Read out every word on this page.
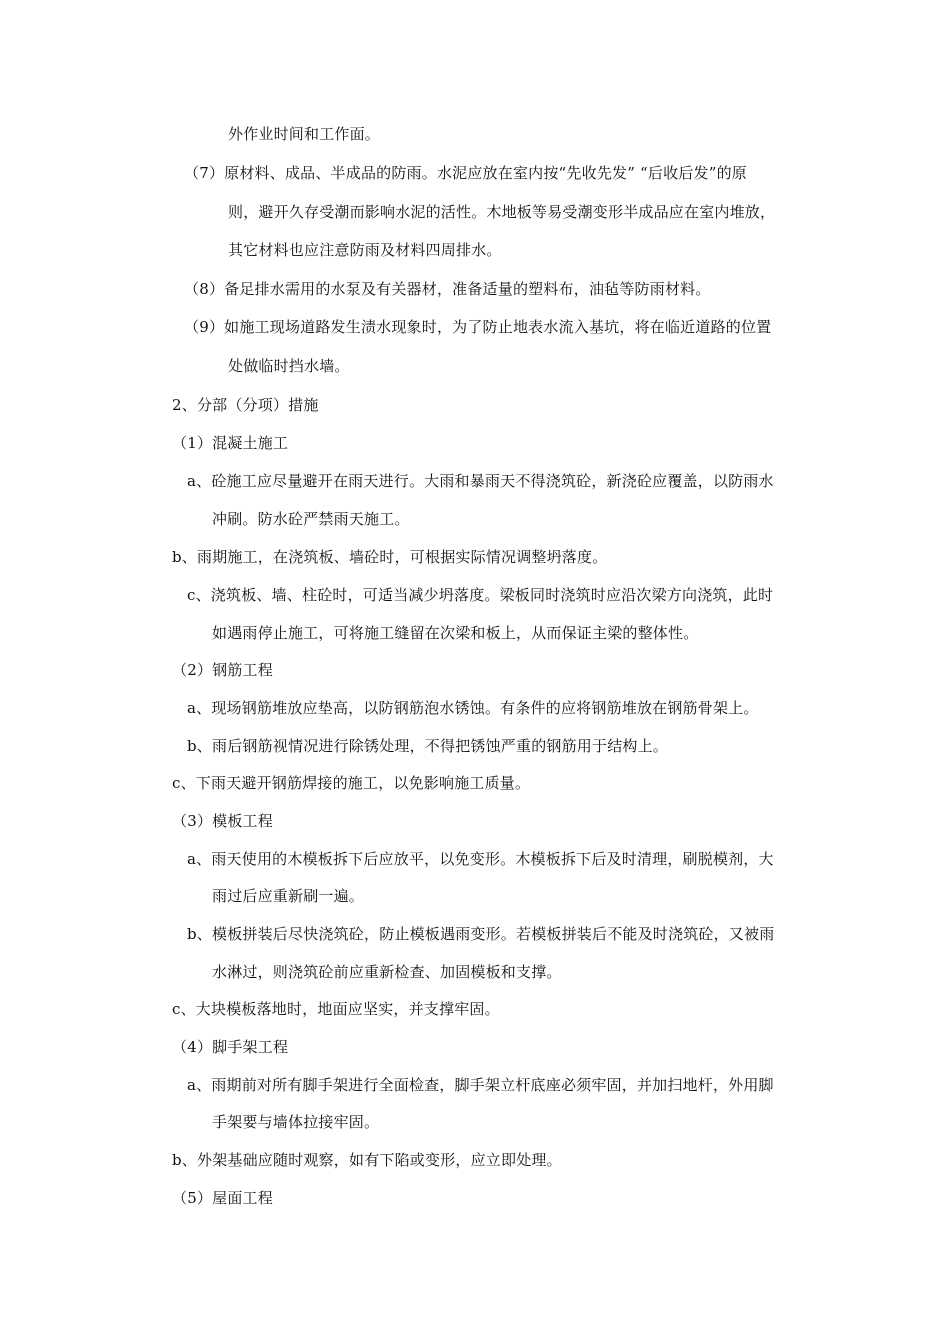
外作业时间和工作面。
（7）原材料、成品、半成品的防雨。水泥应放在室内按“先收先发” “后收后发”的原
则，避开久存受潮而影响水泥的活性。木地板等易受潮变形半成品应在室内堆放，
其它材料也应注意防雨及材料四周排水。
（8）备足排水需用的水泵及有关器材，准备适量的塑料布，油毡等防雨材料。
（9）如施工现场道路发生渍水现象时，为了防止地表水流入基坑，将在临近道路的位置
处做临时挡水墙。
2、分部（分项）措施
（1）混凝土施工
a、砼施工应尽量避开在雨天进行。大雨和暴雨天不得浇筑砼，新浇砼应覆盖，以防雨水
冲刷。防水砼严禁雨天施工。
b、雨期施工，在浇筑板、墙砼时，可根据实际情况调整坍落度。
c、浇筑板、墙、柱砼时，可适当减少坍落度。梁板同时浇筑时应沿次梁方向浇筑，此时
如遇雨停止施工，可将施工缝留在次梁和板上，从而保证主梁的整体性。
（2）钢筋工程
a、现场钢筋堆放应垫高，以防钢筋泡水锈蚀。有条件的应将钢筋堆放在钢筋骨架上。
b、雨后钢筋视情况进行除锈处理，不得把锈蚀严重的钢筋用于结构上。
c、下雨天避开钢筋焊接的施工，以免影响施工质量。
（3）模板工程
a、雨天使用的木模板拆下后应放平，以免变形。木模板拆下后及时清理，刷脱模剂，大
雨过后应重新刷一遍。
b、模板拼装后尽快浇筑砼，防止模板遇雨变形。若模板拼装后不能及时浇筑砼，又被雨
水淋过，则浇筑砼前应重新检查、加固模板和支撑。
c、大块模板落地时，地面应坚实，并支撑牢固。
（4）脚手架工程
a、雨期前对所有脚手架进行全面检查，脚手架立杆底座必须牢固，并加扫地杆，外用脚
手架要与墙体拉接牢固。
b、外架基础应随时观察，如有下陷或变形，应立即处理。
（5）屋面工程
